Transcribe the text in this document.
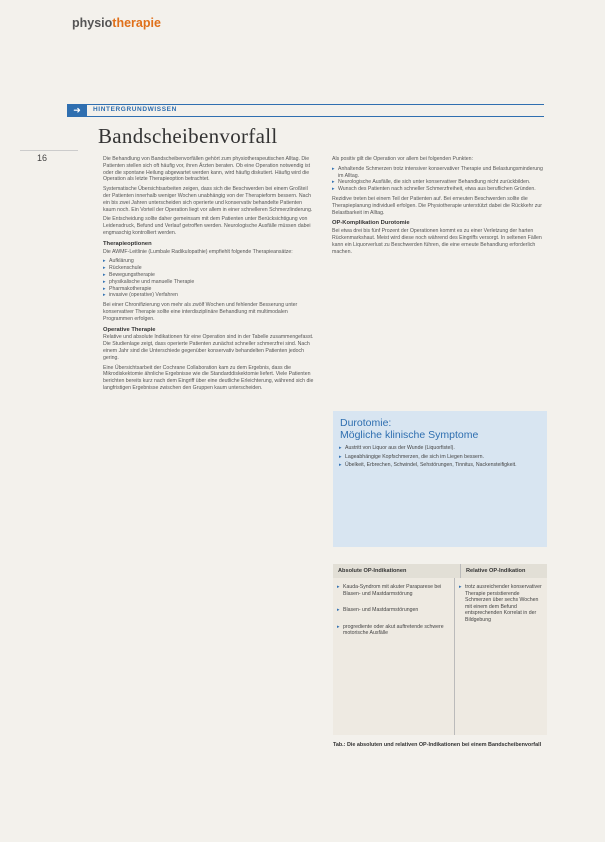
physiotherapie
16
➜	HINTERGRUNDWISSEN
Bandscheibenvorfall

Die Behandlung von Bandscheibenvorfällen gehört zum physiotherapeutischen Alltag. Die Patienten stellen sich oft häufig vor, ihren Ärzten beraten. Ob eine Operation notwendig ist oder die spontane Heilung abgewartet werden kann, wird häufig diskutiert. Häufig wird die Operation als letzte Therapieoption betrachtet.

Systematische Übersichtsarbeiten zeigen, dass sich die Beschwerden bei einem Großteil der Patienten innerhalb weniger Wochen unabhängig von der Therapieform bessern. Nach ein bis zwei Jahren unterscheiden sich operierte und konservativ behandelte Patienten kaum noch. Ein Vorteil der Operation liegt vor allem in einer schnelleren Schmerzlinderung.

Die Entscheidung sollte daher gemeinsam mit dem Patienten unter Berücksichtigung von Leidensdruck, Befund und Verlauf getroffen werden. Neurologische Ausfälle müssen dabei engmaschig kontrolliert werden.

Therapieoptionen

Die AWMF-Leitlinie (Lumbale Radikulopathie) empfiehlt folgende Therapieansätze:

▸ Aufklärung
▸ Rückenschule
▸ Bewegungstherapie
▸ physikalische und manuelle Therapie
▸ Pharmakotherapie
▸ invasive (operative) Verfahren

Bei einer Chronifizierung von mehr als zwölf Wochen und fehlender Besserung unter konservativer Therapie sollte eine interdisziplinäre Behandlung mit multimodalen Programmen erfolgen.

Operative Therapie

Relative und absolute Indikationen für eine Operation sind in der Tabelle zusammengefasst. Die Studienlage zeigt, dass operierte Patienten zunächst schneller schmerzfrei sind. Nach einem Jahr sind die Unterschiede gegenüber konservativ behandelten Patienten jedoch gering.

Eine Übersichtsarbeit der Cochrane Collaboration kam zu dem Ergebnis, dass die Mikrodiskektomie ähnliche Ergebnisse wie die Standarddiskektomie liefert. Viele Patienten berichten bereits kurz nach dem Eingriff über eine deutliche Erleichterung, während sich die langfristigen Ergebnisse zwischen den Gruppen kaum unterscheiden.

Als positiv gilt die Operation vor allem bei folgenden Punkten:

▸ Anhaltende Schmerzen trotz intensiver konservativer Therapie und Belastungsminderung im Alltag.
▸ Neurologische Ausfälle, die sich unter konservativer Behandlung nicht zurückbilden.
▸ Wunsch des Patienten nach schneller Schmerzfreiheit, etwa aus beruflichen Gründen.

Rezidive treten bei einem Teil der Patienten auf. Bei erneuten Beschwerden sollte die Therapieplanung individuell erfolgen. Die Physiotherapie unterstützt dabei die Rückkehr zur Belastbarkeit im Alltag.

OP-Komplikation Durotomie

Bei etwa drei bis fünf Prozent der Operationen kommt es zu einer Verletzung der harten Rückenmarkshaut. Meist wird diese noch während des Eingriffs versorgt. In seltenen Fällen kann ein Liquorverlust zu Beschwerden führen, die eine erneute Behandlung erforderlich machen.

Durotomie:
Mögliche klinische Symptome
▸ Austritt von Liquor aus der Wunde (Liquorfistel).
▸ Lageabhängige Kopfschmerzen, die sich im Liegen bessern.
▸ Übelkeit, Erbrechen, Schwindel, Sehstörungen, Tinnitus, Nackensteifigkeit.
Absolute OP-Indikationen	Relative OP-Indikation
▸ Kauda-Syndrom mit akuter Paraparese bei Blasen- und Mastdarmstörung
▸ Blasen- und Mastdarmstörungen
▸ progrediente oder akut auftretende schwere motorische Ausfälle
▸ trotz ausreichender konservativer Therapie persistierende Schmerzen über sechs Wochen mit einem dem Befund entsprechenden Korrelat in der Bildgebung
Tab.: Die absoluten und relativen OP-Indikationen bei einem Bandscheibenvorfall
